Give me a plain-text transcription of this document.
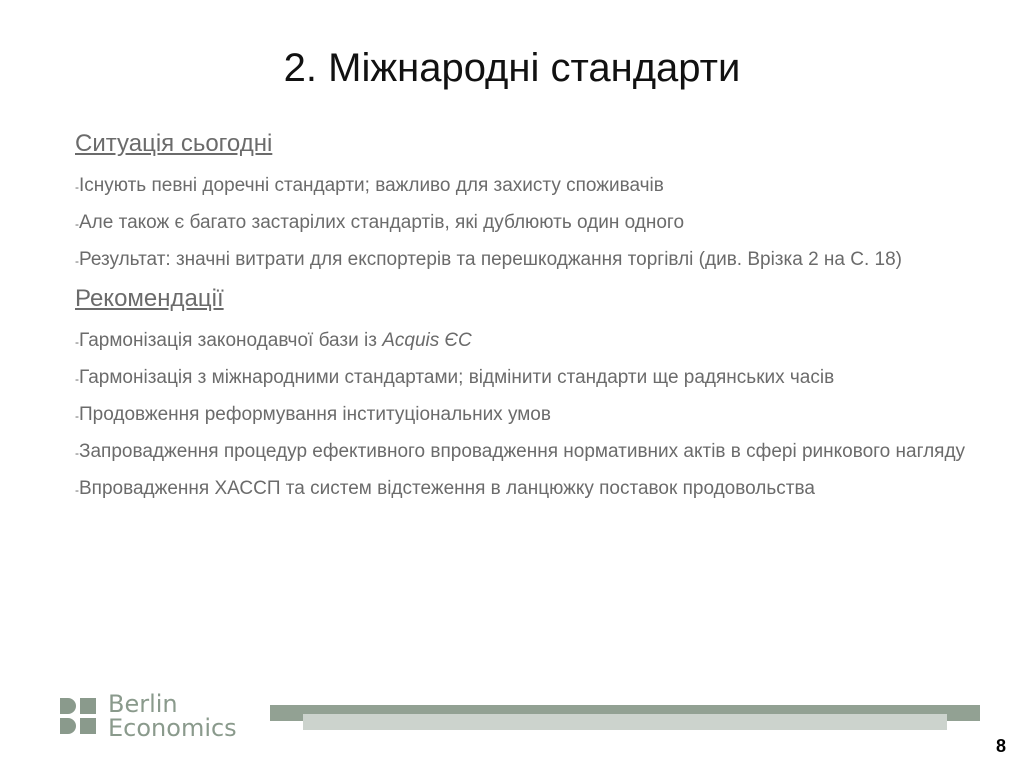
2. Міжнародні стандарти
Ситуація сьогодні
-Існують певні доречні стандарти; важливо для захисту споживачів
-Але також є багато застарілих стандартів, які дублюють один одного
-Результат: значні витрати для експортерів та перешкоджання торгівлі (див. Врізка 2 на С. 18)
Рекомендації
-Гармонізація законодавчої бази із Acquis ЄС
-Гармонізація з міжнародними стандартами; відмінити стандарти ще радянських часів
-Продовження реформування інституціональних умов
-Запровадження процедур ефективного впровадження нормативних актів в сфері ринкового нагляду
-Впровадження ХАССП та систем відстеження в ланцюжку поставок продовольства
Berlin
Economics
8
